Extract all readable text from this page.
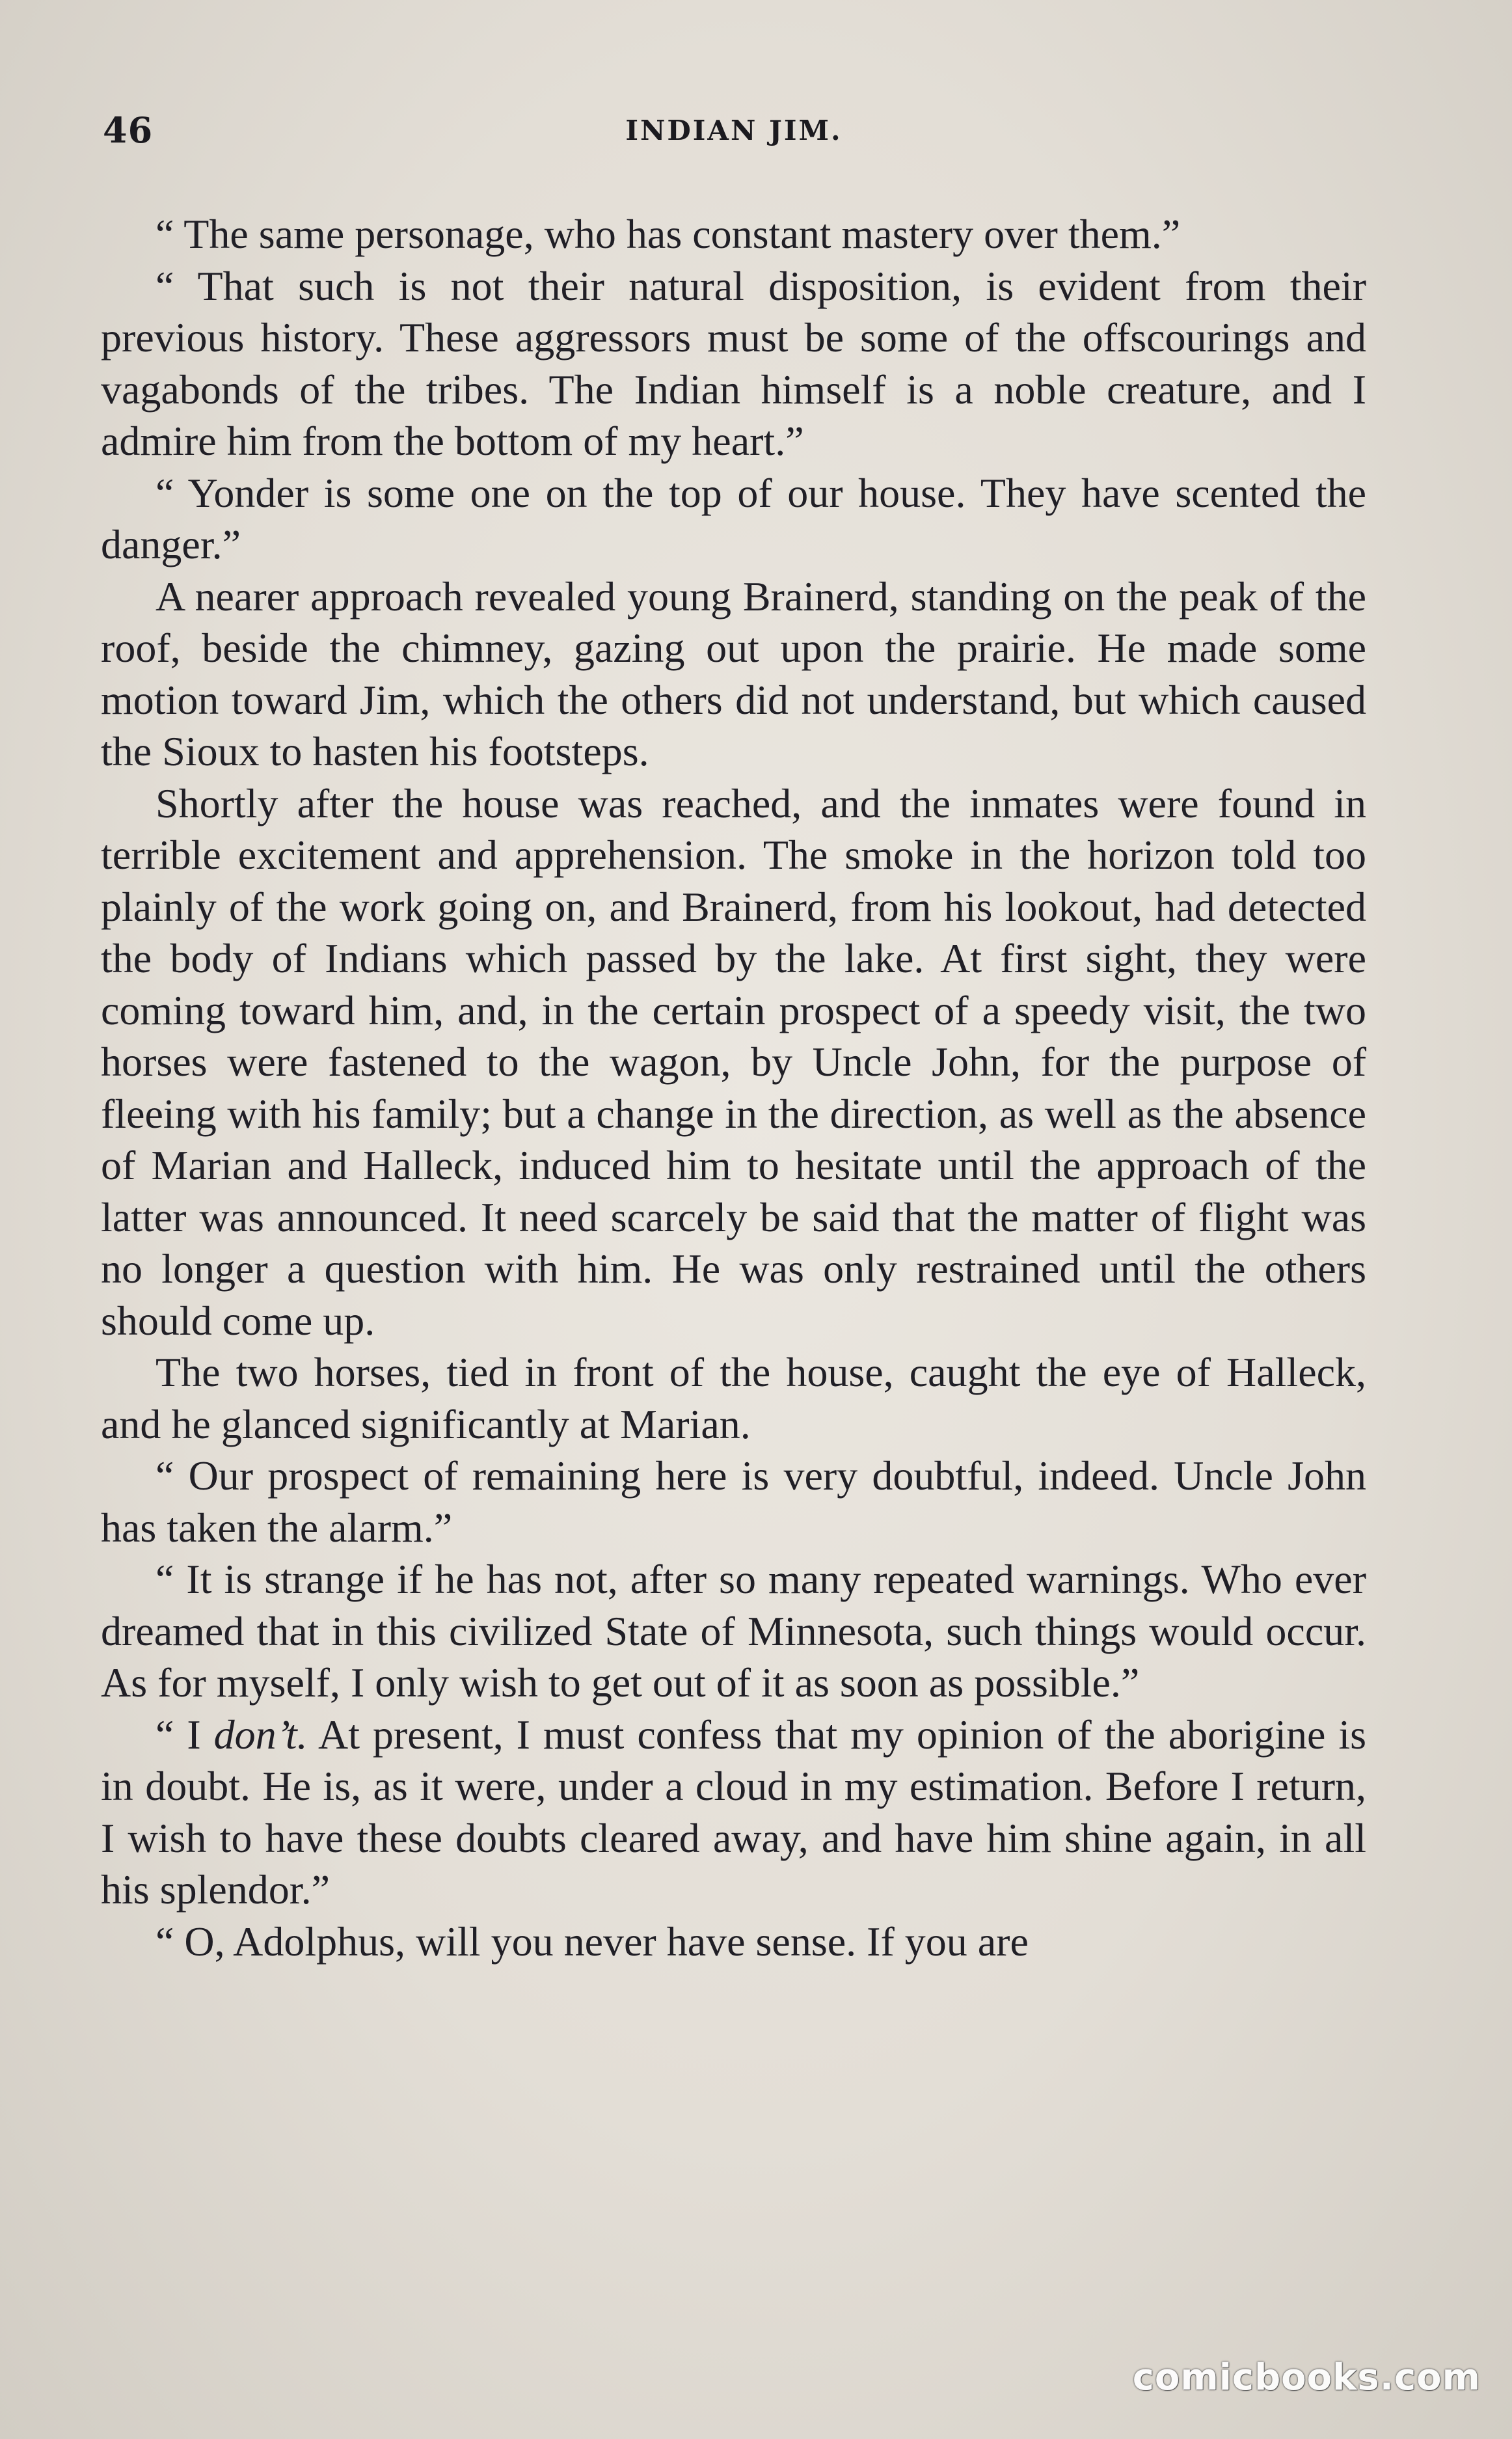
46	INDIAN JIM.

“ The same personage, who has constant mastery over them.”

“ That such is not their natural disposition, is evident from their previous history. These aggressors must be some of the offscourings and vagabonds of the tribes. The Indian himself is a noble creature, and I admire him from the bottom of my heart.”

“ Yonder is some one on the top of our house. They have scented the danger.”

A nearer approach revealed young Brainerd, standing on the peak of the roof, beside the chimney, gazing out upon the prairie. He made some motion toward Jim, which the others did not understand, but which caused the Sioux to hasten his footsteps.

Shortly after the house was reached, and the inmates were found in terrible excitement and apprehension. The smoke in the horizon told too plainly of the work going on, and Brainerd, from his lookout, had detected the body of Indians which passed by the lake. At first sight, they were coming toward him, and, in the certain prospect of a speedy visit, the two horses were fastened to the wagon, by Uncle John, for the purpose of fleeing with his family; but a change in the direction, as well as the absence of Marian and Halleck, induced him to hesitate until the approach of the latter was announced. It need scarcely be said that the matter of flight was no longer a question with him. He was only restrained until the others should come up.

The two horses, tied in front of the house, caught the eye of Halleck, and he glanced significantly at Marian.

“ Our prospect of remaining here is very doubtful, indeed. Uncle John has taken the alarm.”

“ It is strange if he has not, after so many repeated warnings. Who ever dreamed that in this civilized State of Minnesota, such things would occur. As for myself, I only wish to get out of it as soon as possible.”

“ I don’t. At present, I must confess that my opinion of the aborigine is in doubt. He is, as it were, under a cloud in my estimation. Before I return, I wish to have these doubts cleared away, and have him shine again, in all his splendor.”

“ O, Adolphus, will you never have sense. If you are

comicbooks.com
